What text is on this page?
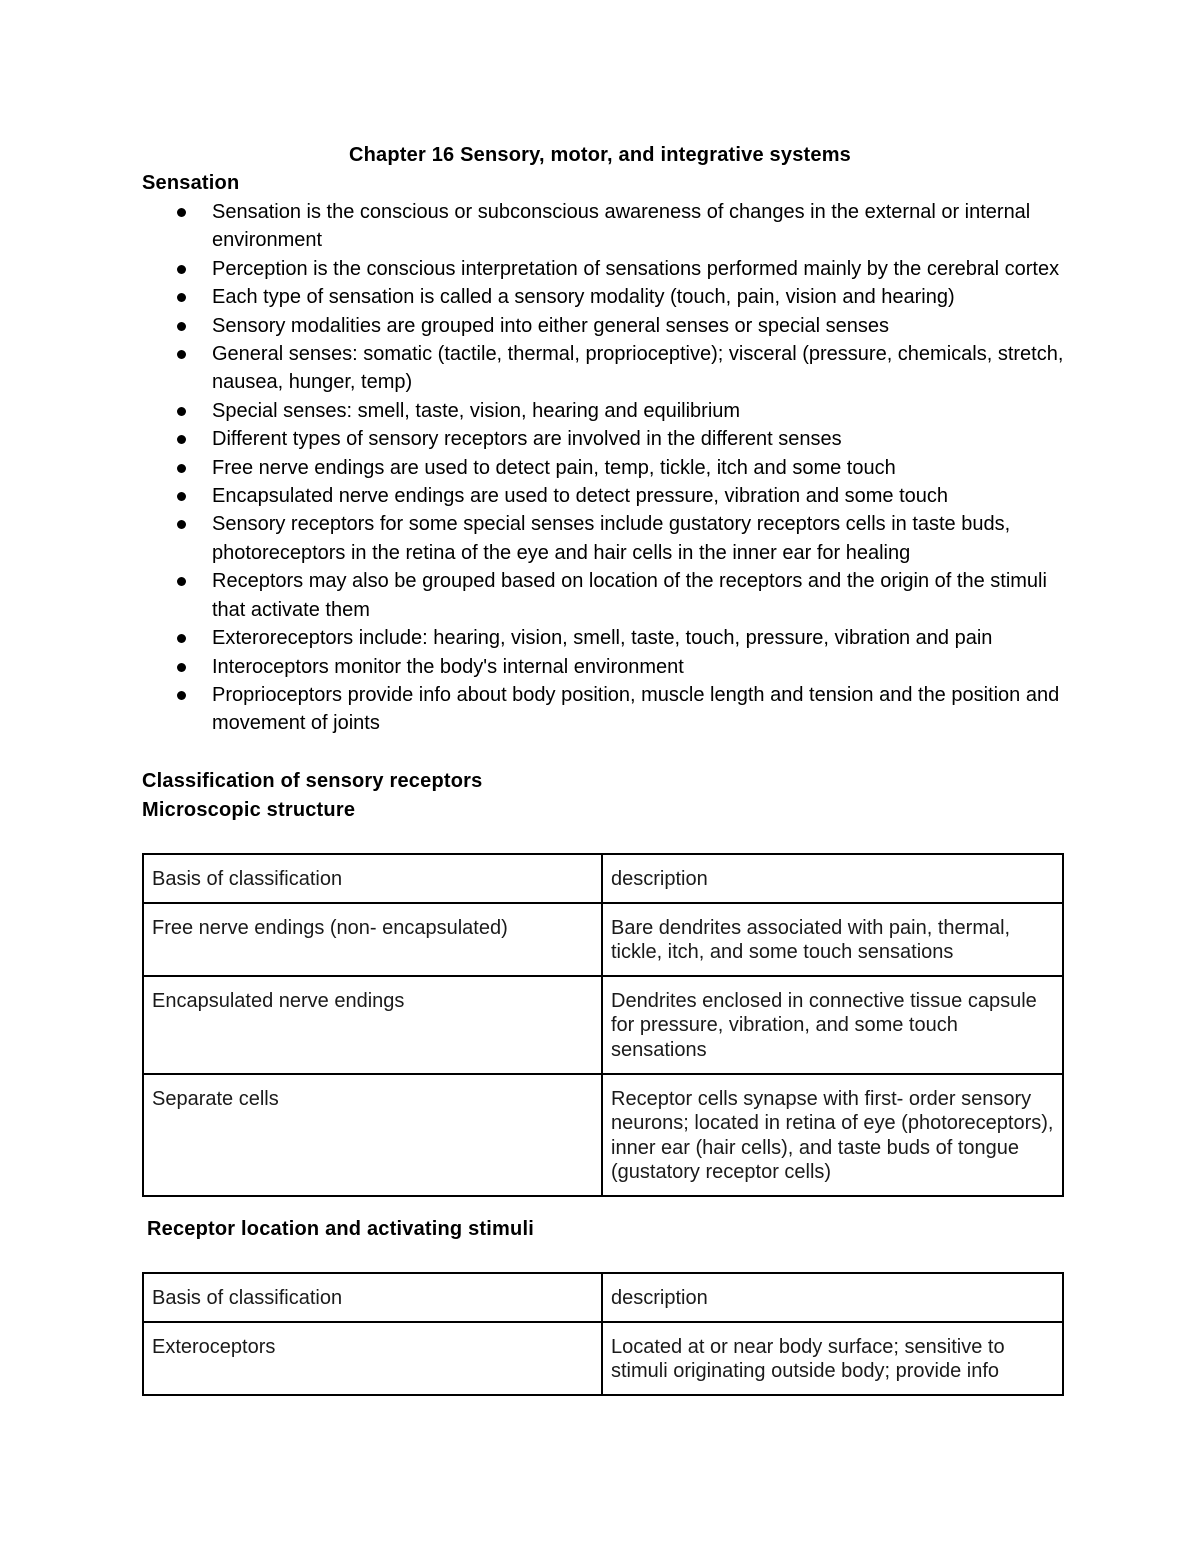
Chapter 16 Sensory, motor, and integrative systems
Sensation
Sensation is the conscious or subconscious awareness of changes in the external or internal environment
Perception is the conscious interpretation of sensations performed mainly by the cerebral cortex
Each type of sensation is called a sensory modality (touch, pain, vision and hearing)
Sensory modalities are grouped into either general senses or special senses
General senses: somatic (tactile, thermal, proprioceptive); visceral (pressure, chemicals, stretch, nausea, hunger, temp)
Special senses: smell, taste, vision, hearing and equilibrium
Different types of sensory receptors are involved in the different senses
Free nerve endings are used to detect pain, temp, tickle, itch and some touch
Encapsulated nerve endings are used to detect pressure, vibration and some touch
Sensory receptors for some special senses include gustatory receptors cells in taste buds, photoreceptors in the retina of the eye and hair cells in the inner ear for healing
Receptors may also be grouped based on location of the receptors and the origin of the stimuli that activate them
Exteroreceptors include: hearing, vision, smell, taste, touch, pressure, vibration and pain
Interoceptors monitor the body's internal environment
Proprioceptors provide info about body position, muscle length and tension and the position and movement of joints
Classification of sensory receptors
Microscopic structure
Basis of classification	description
Free nerve endings (non- encapsulated)	Bare dendrites associated with pain, thermal, tickle, itch, and some touch sensations
Encapsulated nerve endings	Dendrites enclosed in connective tissue capsule for pressure, vibration, and some touch sensations
Separate cells	Receptor cells synapse with first- order sensory neurons; located in retina of eye (photoreceptors), inner ear (hair cells), and taste buds of tongue (gustatory receptor cells)
Receptor location and activating stimuli
Basis of classification	description
Exteroceptors	Located at or near body surface; sensitive to stimuli originating outside body; provide info
